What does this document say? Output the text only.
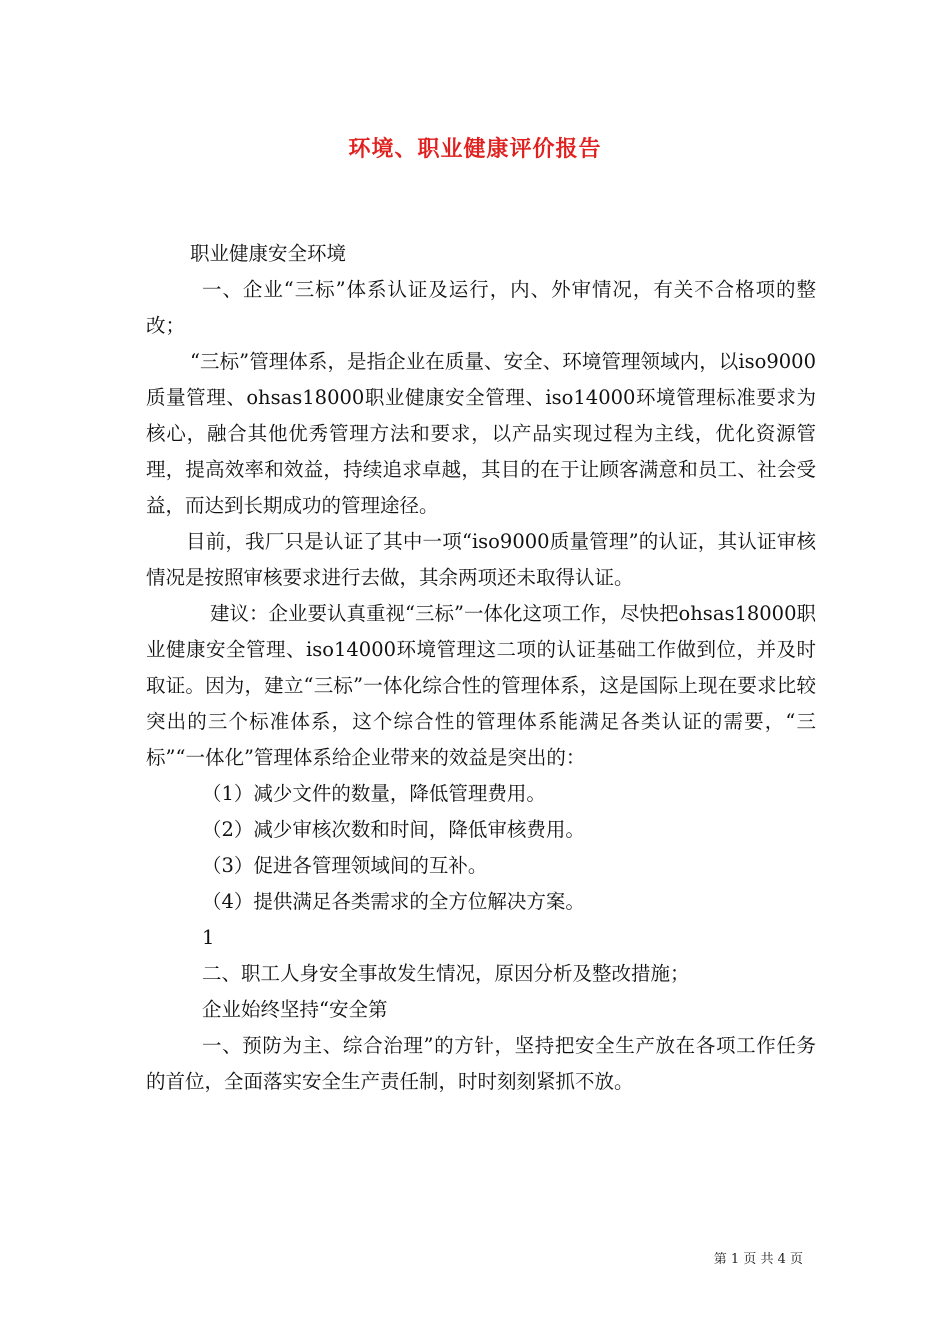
环境、职业健康评价报告

职业健康安全环境

一、企业“三标”体系认证及运行，内、外审情况，有关不合格项的整改；

“三标”管理体系，是指企业在质量、安全、环境管理领域内，以iso9000质量管理、ohsas18000职业健康安全管理、iso14000环境管理标准要求为核心，融合其他优秀管理方法和要求，以产品实现过程为主线，优化资源管理，提高效率和效益，持续追求卓越，其目的在于让顾客满意和员工、社会受益，而达到长期成功的管理途径。

目前，我厂只是认证了其中一项“iso9000质量管理”的认证，其认证审核情况是按照审核要求进行去做，其余两项还未取得认证。

建议：企业要认真重视“三标”一体化这项工作，尽快把ohsas18000职业健康安全管理、iso14000环境管理这二项的认证基础工作做到位，并及时取证。因为，建立“三标”一体化综合性的管理体系，这是国际上现在要求比较突出的三个标准体系，这个综合性的管理体系能满足各类认证的需要，“三标”“一体化”管理体系给企业带来的效益是突出的：

（1）减少文件的数量，降低管理费用。

（2）减少审核次数和时间，降低审核费用。

（3）促进各管理领域间的互补。

（4）提供满足各类需求的全方位解决方案。

1

二、职工人身安全事故发生情况，原因分析及整改措施；

企业始终坚持“安全第

一、预防为主、综合治理”的方针，坚持把安全生产放在各项工作任务的首位，全面落实安全生产责任制，时时刻刻紧抓不放。

第 1 页 共 4 页
